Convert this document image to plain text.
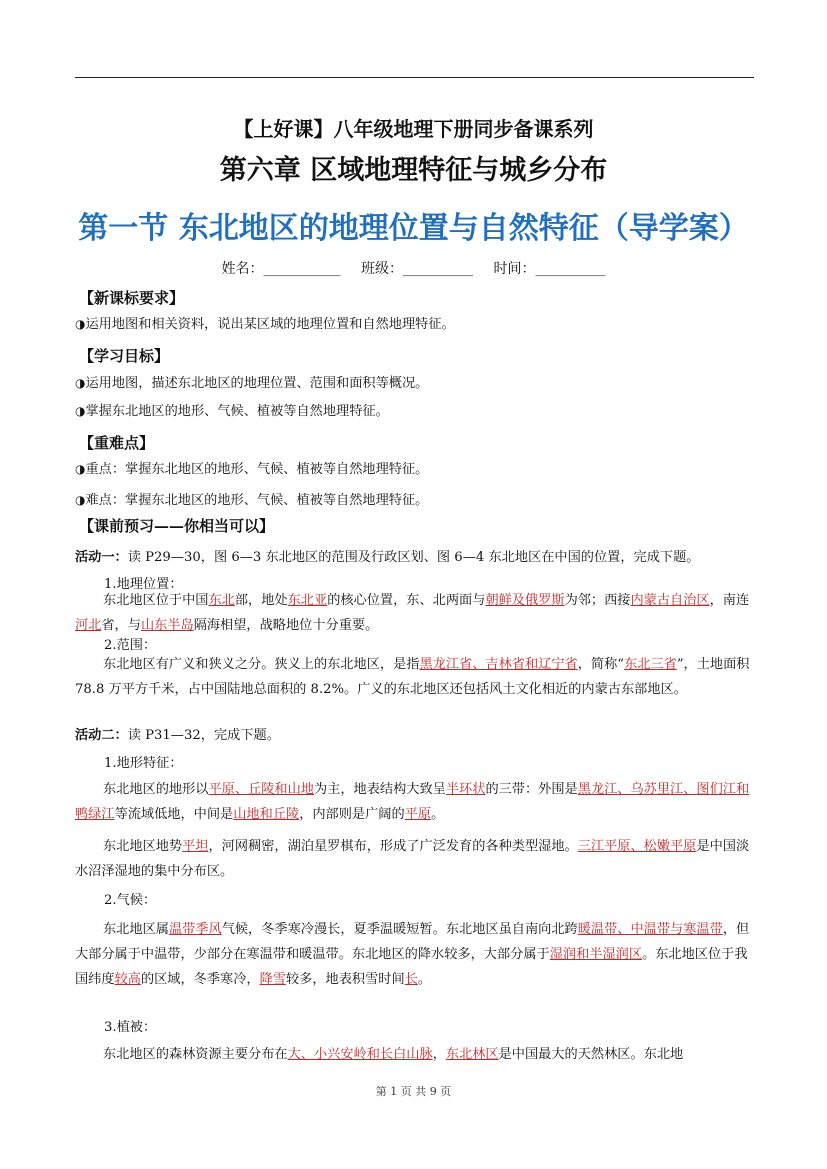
【上好课】八年级地理下册同步备课系列
第六章 区域地理特征与城乡分布
第一节 东北地区的地理位置与自然特征（导学案）
姓名：___________ 班级：__________ 时间：__________
【新课标要求】
◑ 运用地图和相关资料，说出某区域的地理位置和自然地理特征。
【学习目标】
◑ 运用地图，描述东北地区的地理位置、范围和面积等概况。
◑ 掌握东北地区的地形、气候、植被等自然地理特征。
【重难点】
◑ 重点：掌握东北地区的地形、气候、植被等自然地理特征。
◑ 难点：掌握东北地区的地形、气候、植被等自然地理特征。
【课前预习——你相当可以】
活动一：读 P29—30，图 6—3 东北地区的范围及行政区划、图 6—4 东北地区在中国的位置，完成下题。
1.地理位置：
东北地区位于中国东北部，地处东北亚的核心位置，东、北两面与朝鲜及俄罗斯为邻；西接内蒙古自治区，南连河北省，与山东半岛隔海相望，战略地位十分重要。
2.范围：
东北地区有广义和狭义之分。狭义上的东北地区，是指黑龙江省、吉林省和辽宁省，简称“东北三省”，土地面积 78.8 万平方千米，占中国陆地总面积的 8.2%。广义的东北地区还包括风土文化相近的内蒙古东部地区。
活动二：读 P31—32，完成下题。
1.地形特征：
东北地区的地形以平原、丘陵和山地为主，地表结构大致呈半环状的三带：外围是黑龙江、乌苏里江、图们江和鸭绿江等流域低地，中间是山地和丘陵，内部则是广阔的平原。
东北地区地势平坦，河网稠密，湖泊星罗棋布，形成了广泛发育的各种类型湿地。三江平原、松嫩平原是中国淡水沼泽湿地的集中分布区。
2.气候：
东北地区属温带季风气候，冬季寒冷漫长，夏季温暖短暂。东北地区虽自南向北跨暖温带、中温带与寒温带，但大部分属于中温带，少部分在寒温带和暖温带。东北地区的降水较多，大部分属于湿润和半湿润区。东北地区位于我国纬度较高的区域，冬季寒冷，降雪较多，地表积雪时间长。
3.植被：
东北地区的森林资源主要分布在大、小兴安岭和长白山脉，东北林区是中国最大的天然林区。东北地
第 1 页 共 9 页
